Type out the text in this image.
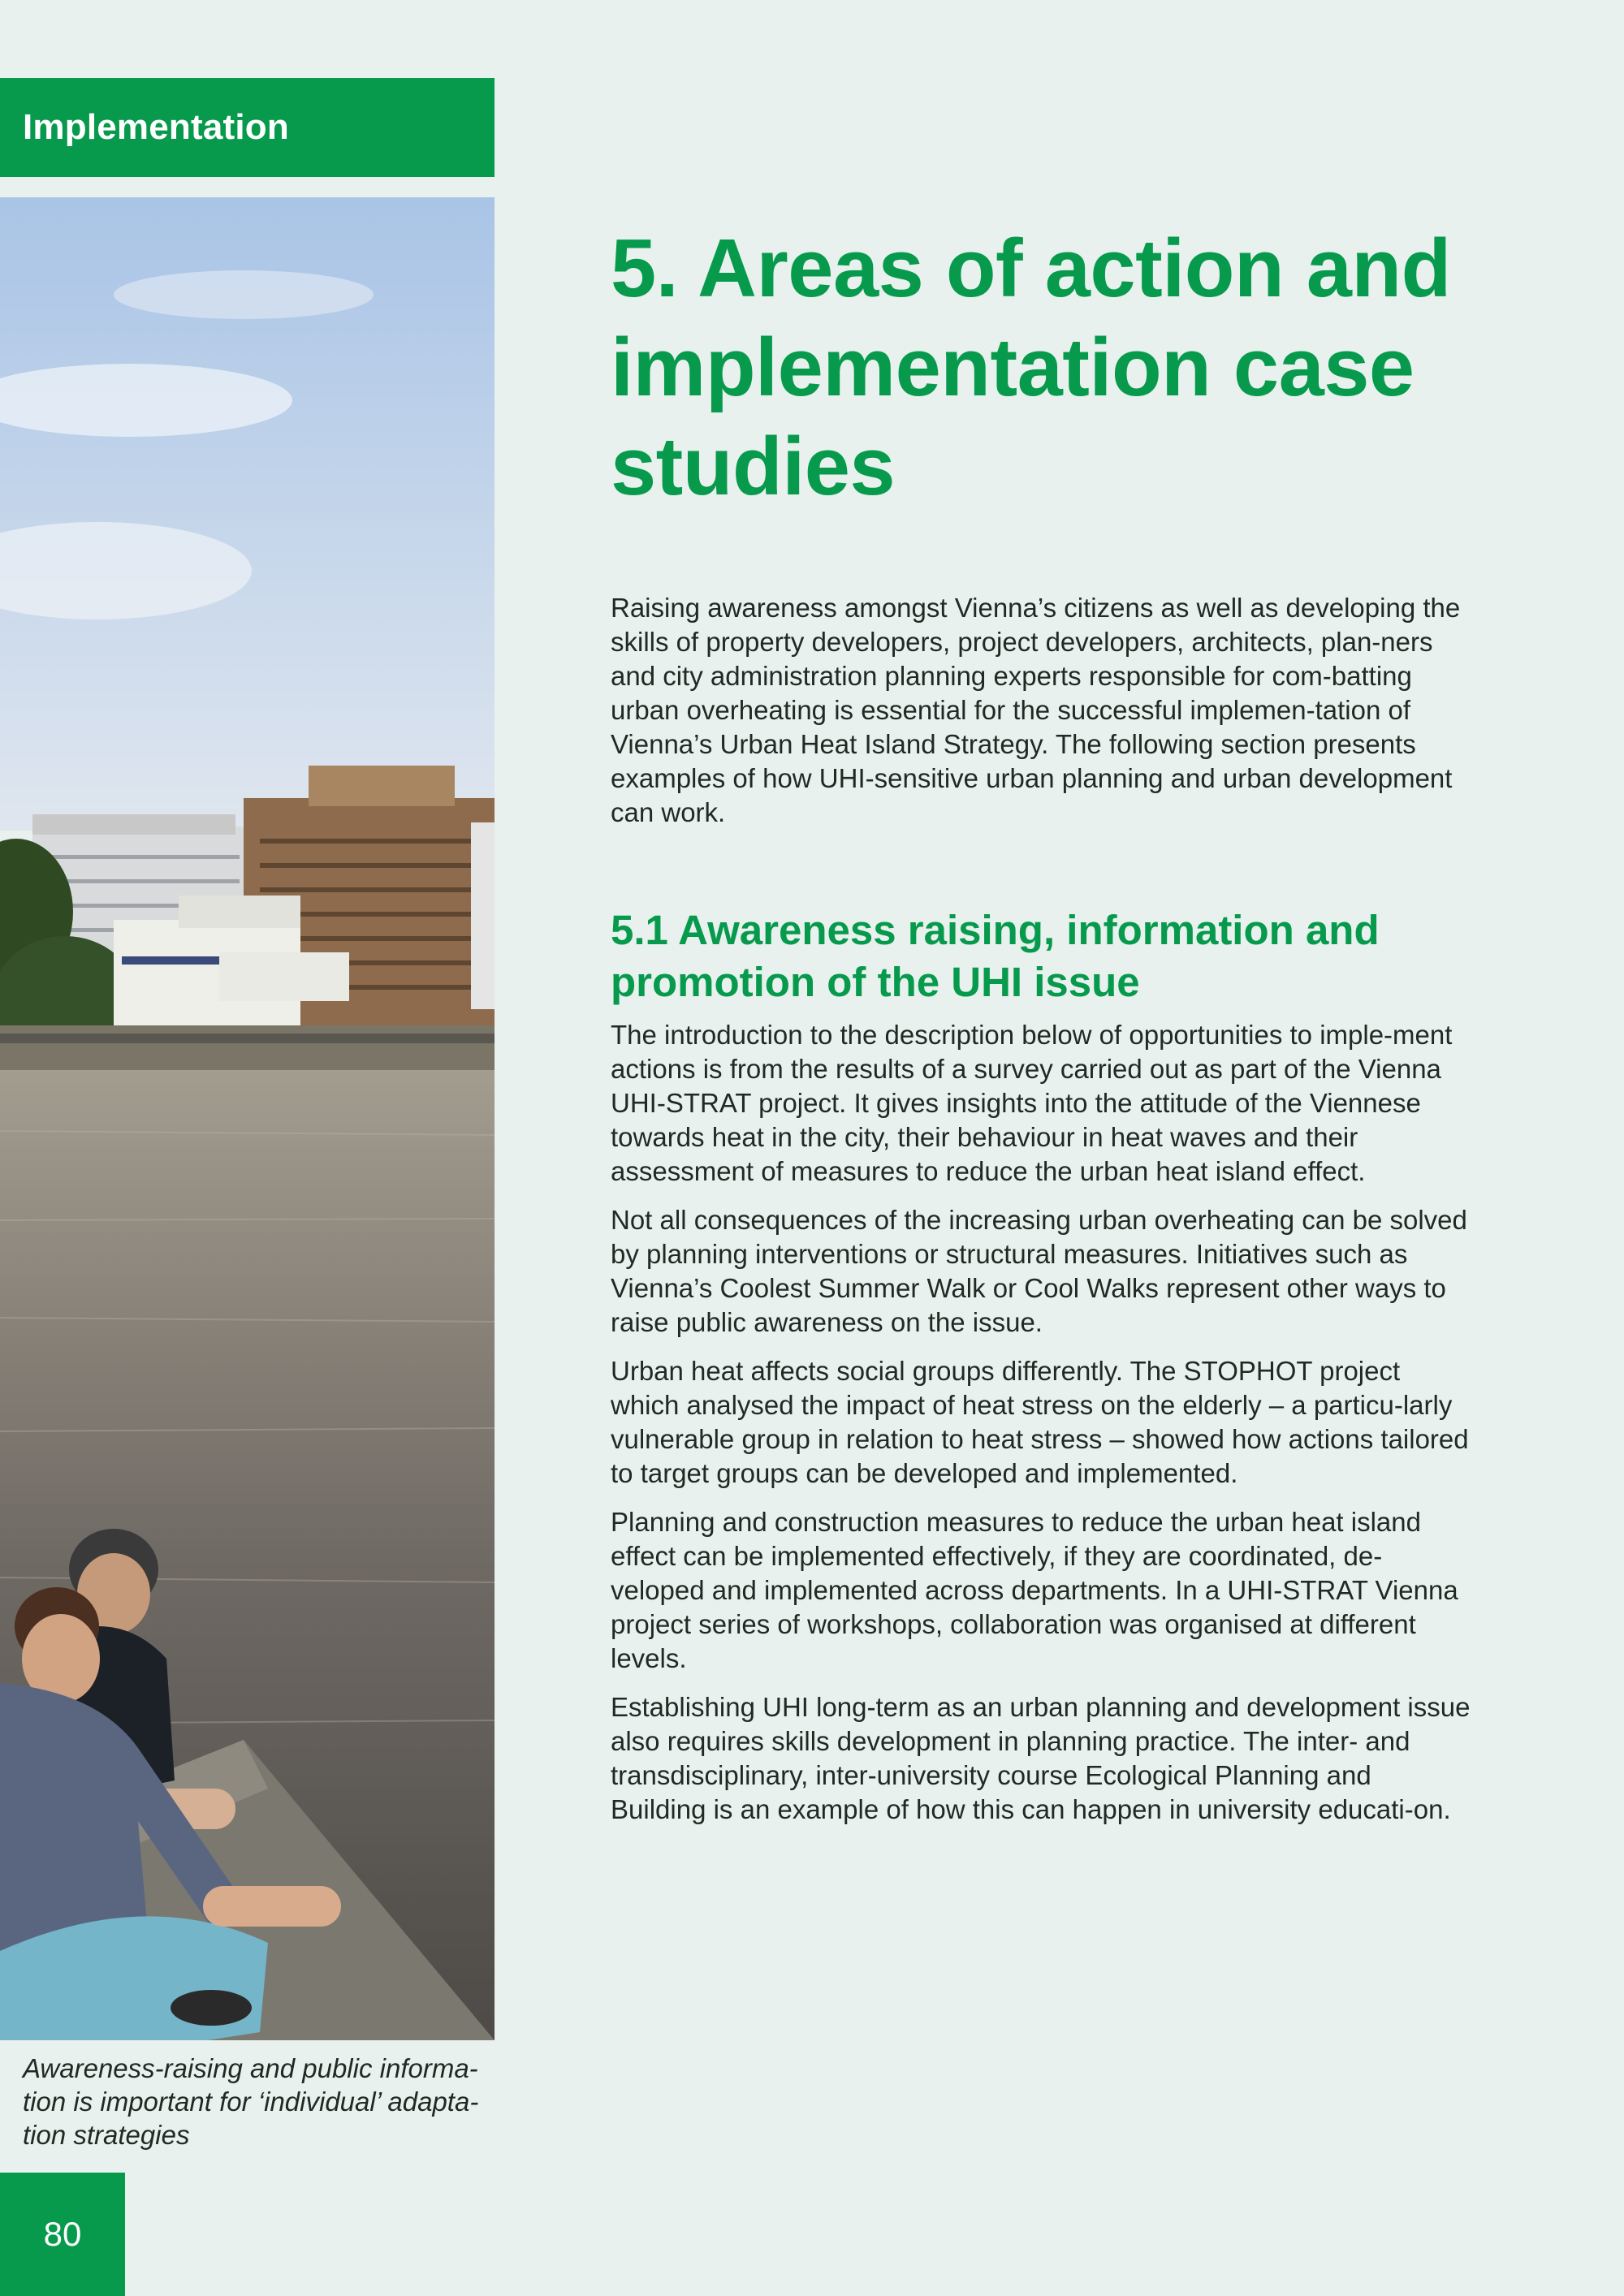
Implementation
Awareness-raising and public informa-tion is important for ‘individual’ adapta-tion strategies
80
5. Areas of action and implementation case studies

Raising awareness amongst Vienna’s citizens as well as developing the skills of property developers, project developers, architects, plan-ners and city administration planning experts responsible for com-batting urban overheating is essential for the successful implemen-tation of Vienna’s Urban Heat Island Strategy. The following section presents examples of how UHI-sensitive urban planning and urban development can work.

5.1 Awareness raising, information and promotion of the UHI issue

The introduction to the description below of opportunities to imple-ment actions is from the results of a survey carried out as part of the Vienna UHI-STRAT project. It gives insights into the attitude of the Viennese towards heat in the city, their behaviour in heat waves and their assessment of measures to reduce the urban heat island effect.

Not all consequences of the increasing urban overheating can be solved by planning interventions or structural measures. Initiatives such as Vienna’s Coolest Summer Walk or Cool Walks represent other ways to raise public awareness on the issue.

Urban heat affects social groups differently. The STOPHOT project which analysed the impact of heat stress on the elderly – a particu-larly vulnerable group in relation to heat stress – showed how actions tailored to target groups can be developed and implemented.

Planning and construction measures to reduce the urban heat island effect can be implemented effectively, if they are coordinated, de-veloped and implemented across departments. In a UHI-STRAT Vienna project series of workshops, collaboration was organised at different levels.

Establishing UHI long-term as an urban planning and development issue also requires skills development in planning practice. The inter- and transdisciplinary, inter-university course Ecological Planning and Building is an example of how this can happen in university educati-on.
